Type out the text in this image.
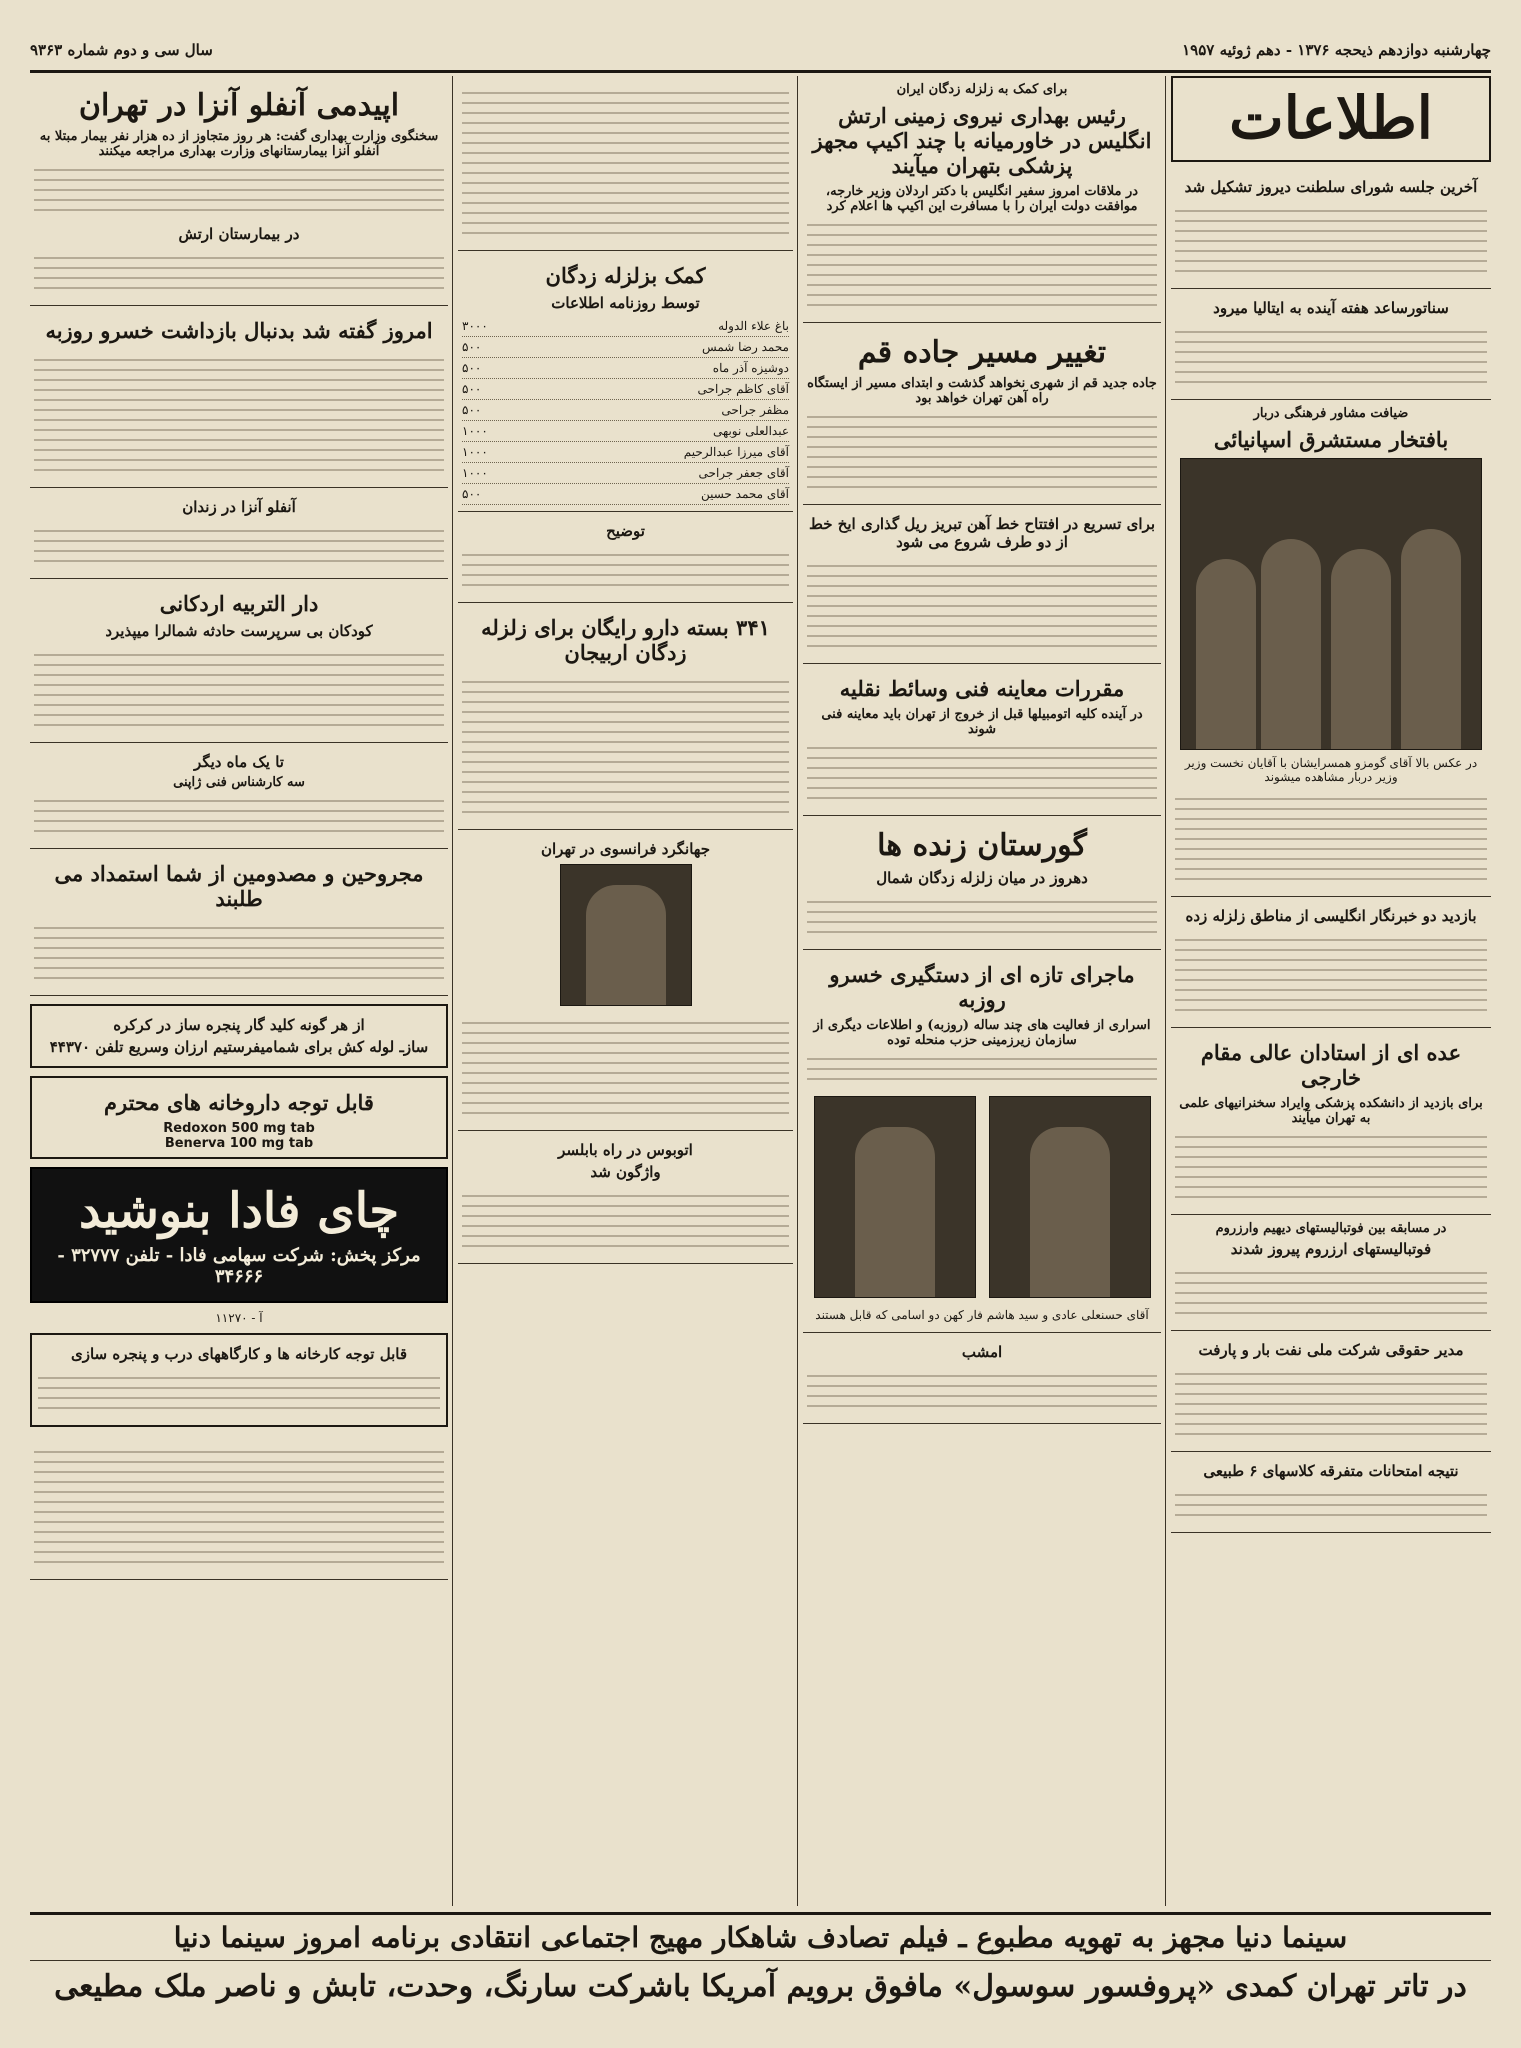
چهارشنبه دوازدهم ذیحجه ۱۳۷۶ - دهم ژوئیه ۱۹۵۷
سال سی و دوم شماره ۹۳۶۳
اطلاعات
آخرین جلسه شورای سلطنت دیروز تشکیل شد
سناتورساعد هفته آینده به ایتالیا میرود
ضیافت مشاور فرهنگی دربار
بافتخار مستشرق اسپانیائی
در عکس بالا آقای گومزو همسرایشان با آقایان نخست وزیر وزیر دربار مشاهده میشوند
بازدید دو خبرنگار انگلیسی از مناطق زلزله زده
عده ای از استادان عالی مقام خارجی
برای بازدید از دانشکده پزشکی وایراد سخنرانیهای علمی به تهران میآیند
در مسابقه بین فوتبالیستهای دیهیم وارزروم
فوتبالیستهای ارزروم پیروز شدند
مدیر حقوقی شرکت ملی نفت بار و پارفت
نتیجه امتحانات متفرقه کلاسهای ۶ طبیعی
برای کمک به زلزله زدگان ایران
رئیس بهداری نیروی زمینی ارتش انگلیس در خاورمیانه با چند اکیپ مجهز پزشکی بتهران میآیند
در ملاقات امروز سفیر انگلیس با دکتر اردلان وزیر خارجه، موافقت دولت ایران را با مسافرت این اکیپ ها اعلام کرد
تغییر مسیر جاده قم
جاده جدید قم از شهری نخواهد گذشت و ابتدای مسیر از ایستگاه راه آهن تهران خواهد بود
برای تسریع در افتتاح خط آهن تبریز ریل گذاری ایخ خط از دو طرف شروع می شود
مقررات معاینه فنی وسائط نقلیه
در آینده کلیه اتومبیلها قبل از خروج از تهران باید معاینه فنی شوند
گورستان زنده ها
دهروز در میان زلزله زدگان شمال
ماجرای تازه ای از دستگیری خسرو روزبه
اسراری از فعالیت های چند ساله (روزبه) و اطلاعات دیگری از سازمان زیرزمینی حزب منحله توده
آقای حسنعلی عادی و سید هاشم فار کهن دو اسامی که قابل هستند
امشب
کمک بزلزله زدگان
توسط روزنامه اطلاعات
باغ علاء الدوله
۳۰۰۰
محمد رضا شمس
۵۰۰
دوشیزه آذر ماه
۵۰۰
آقای کاظم جراحی
۵۰۰
مظفر جراحی
۵۰۰
عبدالعلی نوبهی
۱۰۰۰
آقای میرزا عبدالرحیم
۱۰۰۰
آقای جعفر جراحی
۱۰۰۰
آقای محمد حسین
۵۰۰
توضیح
۳۴۱ بسته دارو رایگان برای زلزله زدگان اربیجان
جهانگرد فرانسوی در تهران
اتوبوس در راه بابلسر
واژگون شد
اپیدمی آنفلو آنزا در تهران
سخنگوی وزارت بهداری گفت: هر روز متجاوز از ده هزار نفر بیمار مبتلا به آنفلو آنزا بیمارستانهای وزارت بهداری مراجعه میکنند
در بیمارستان ارتش
امروز گفته شد بدنبال بازداشت خسرو روزبه
آنفلو آنزا در زندان
دار التربیه اردکانی
کودکان بی سرپرست حادثه شمالرا میپذیرد
تا یک ماه دیگر
سه کارشناس فنی ژاپنی
مجروحین و مصدومین از شما استمداد می طلبند
از هر گونه کلید گار پنجره ساز در کرکره
سازـ لوله کش برای شمامیفرستیم ارزان وسریع تلفن ۴۴۳۷۰
قابل توجه داروخانه های محترم
Redoxon 500 mg tab
Benerva 100 mg tab
چای فادا بنوشید
مرکز پخش: شرکت سهامی فادا - تلفن ۳۲۷۷۷ - ۳۴۶۶۶
آ - ۱۱۲۷۰
قابل توجه کارخانه ها و کارگاههای درب و پنجره سازی
سینما دنیا مجهز به تهویه مطبوع ـ فیلم تصادف شاهکار مهیج اجتماعی انتقادی برنامه امروز سینما دنیا
در تاتر تهران کمدی «پروفسور سوسول» مافوق برویم آمریکا باشرکت سارنگ، وحدت، تابش و ناصر ملک مطیعی
